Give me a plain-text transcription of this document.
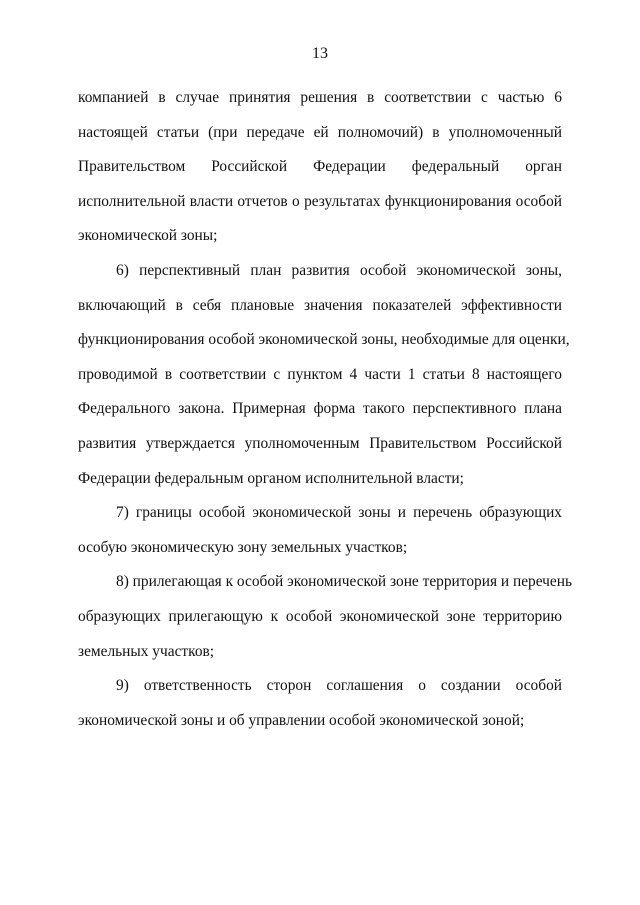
13

компанией в случае принятия решения в соответствии с частью 6
настоящей статьи (при передаче ей полномочий) в уполномоченный
Правительством Российской Федерации федеральный орган
исполнительной власти отчетов о результатах функционирования особой
экономической зоны;

6) перспективный план развития особой экономической зоны,
включающий в себя плановые значения показателей эффективности
функционирования особой экономической зоны, необходимые для оценки,
проводимой в соответствии с пунктом 4 части 1 статьи 8 настоящего
Федерального закона. Примерная форма такого перспективного плана
развития утверждается уполномоченным Правительством Российской
Федерации федеральным органом исполнительной власти;

7) границы особой экономической зоны и перечень образующих
особую экономическую зону земельных участков;

8) прилегающая к особой экономической зоне территория и перечень
образующих прилегающую к особой экономической зоне территорию
земельных участков;

9) ответственность сторон соглашения о создании особой
экономической зоны и об управлении особой экономической зоной;
